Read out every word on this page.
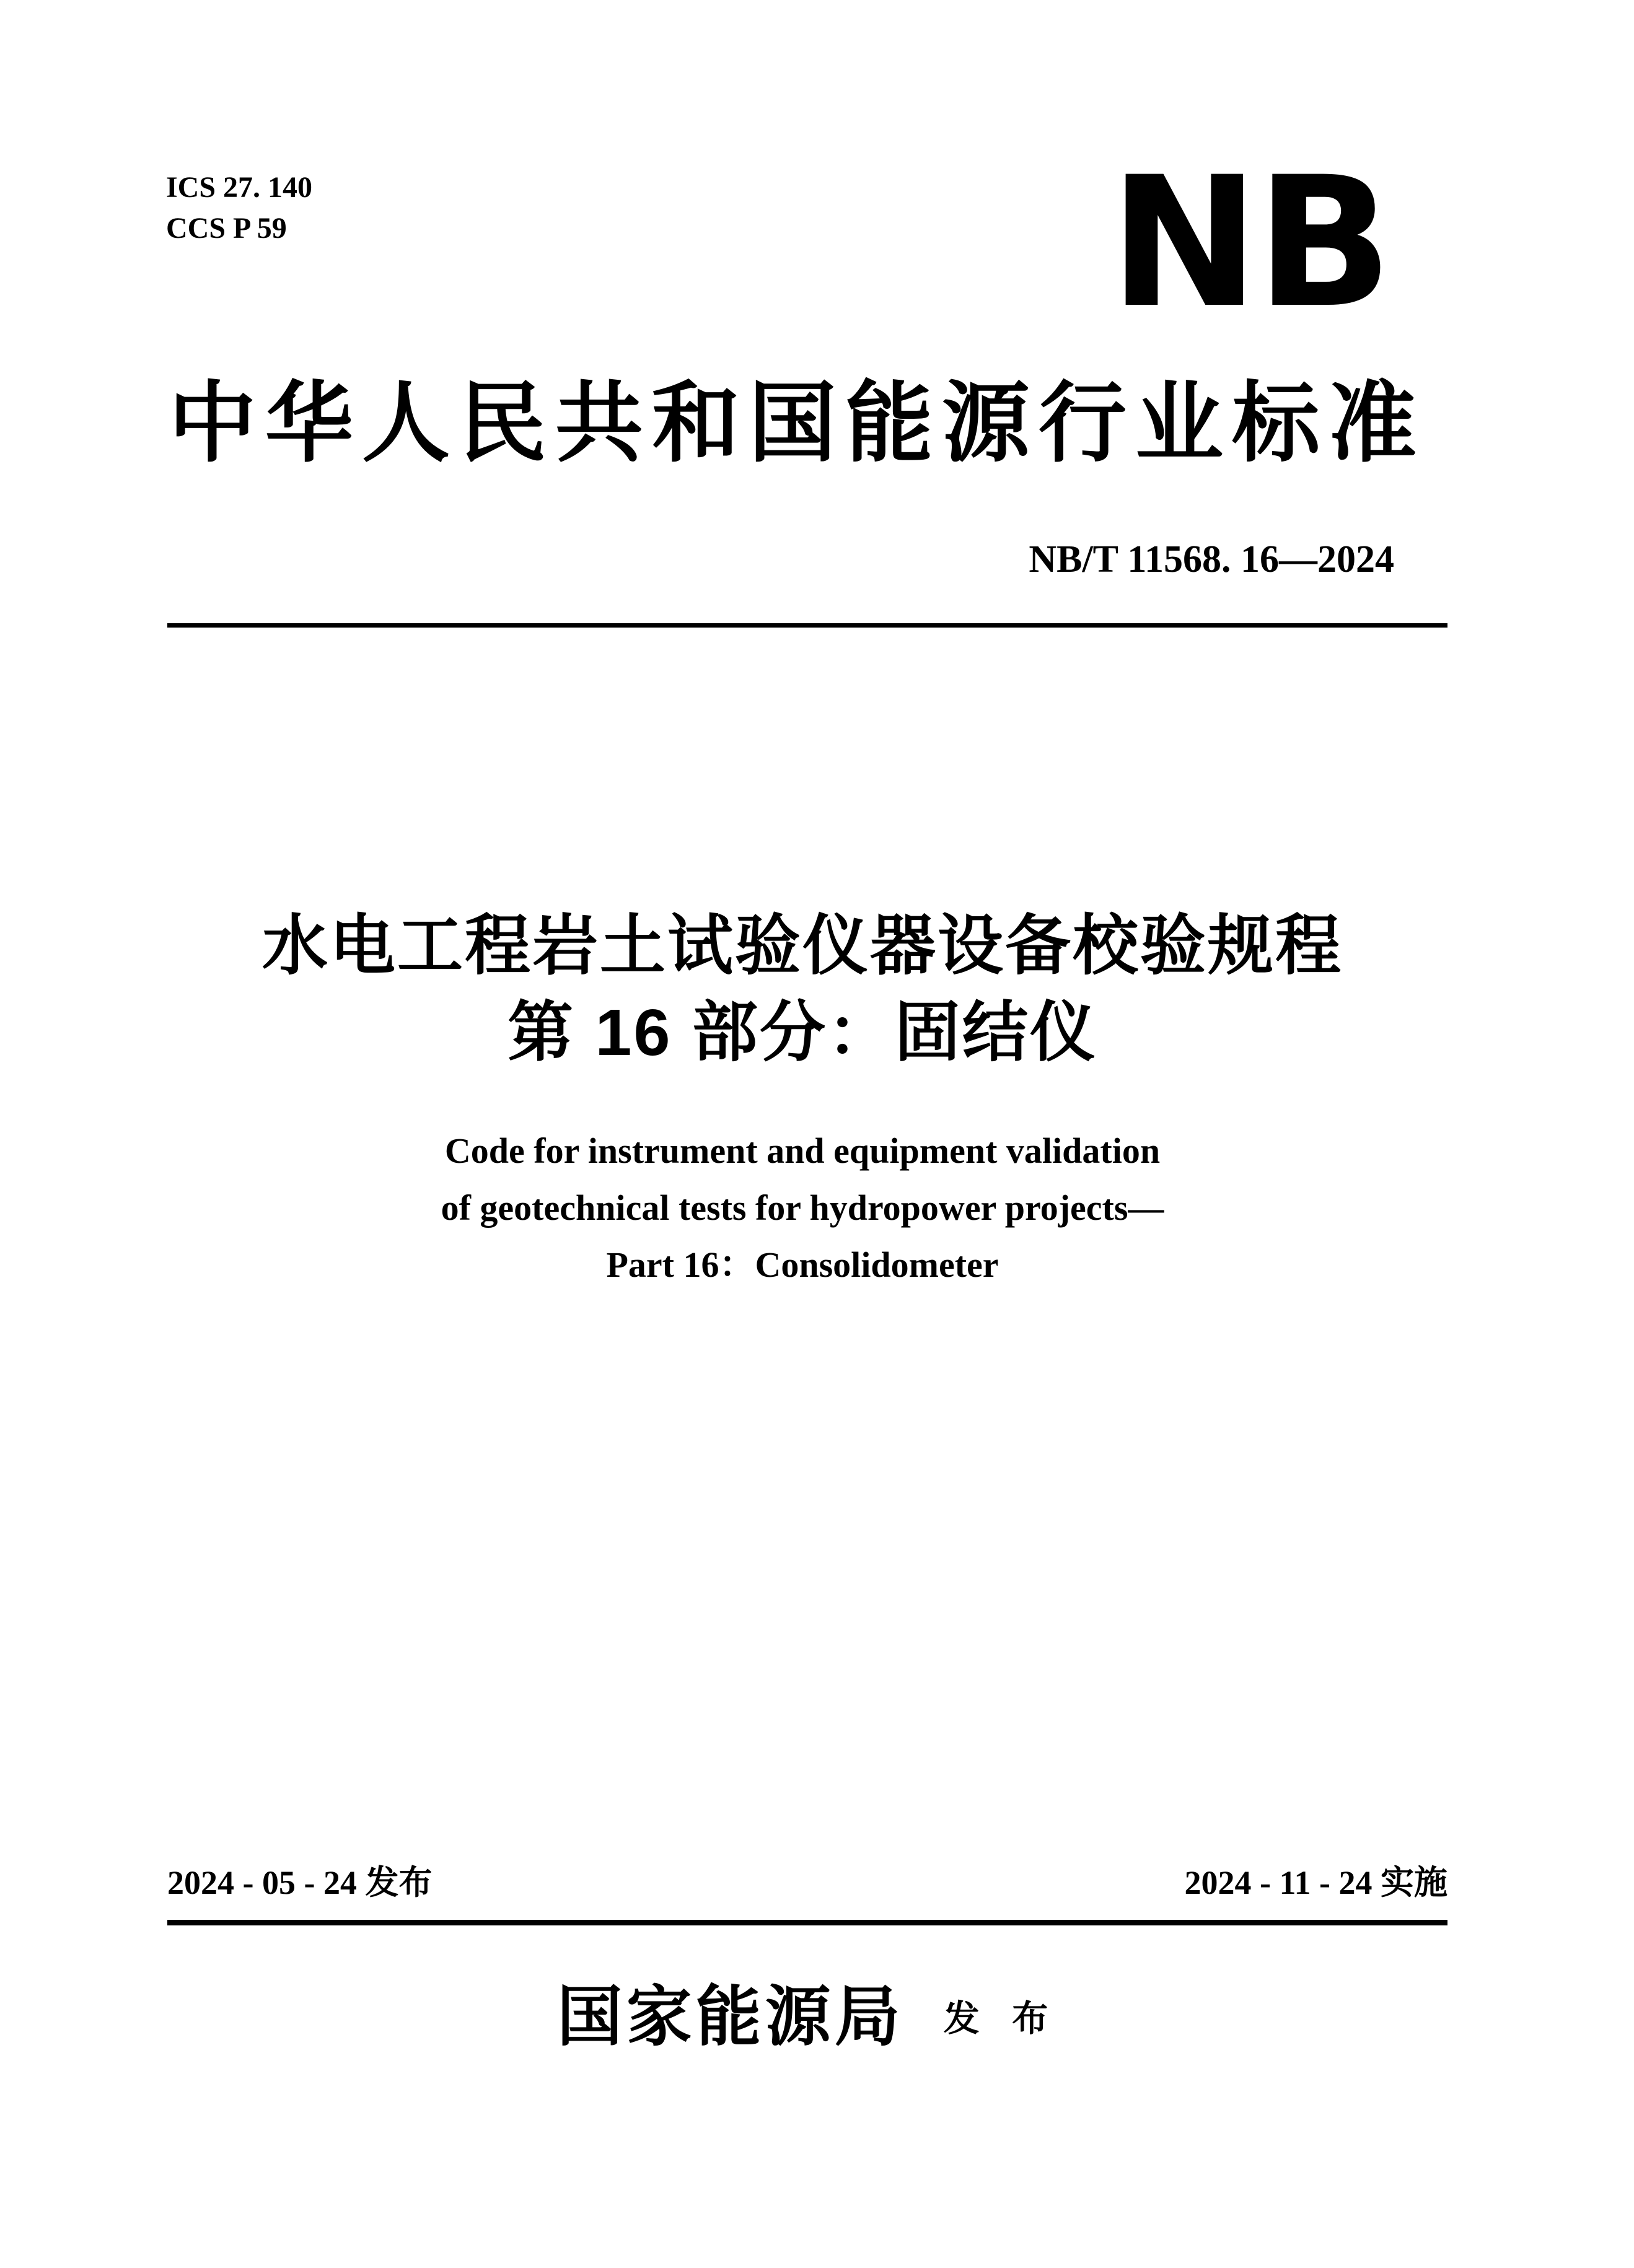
ICS 27. 140
CCS P 59	NB
中华人民共和国能源行业标准
NB/T 11568. 16—2024
水电工程岩土试验仪器设备校验规程
第 16 部分：固结仪
Code for instrument and equipment validation
of geotechnical tests for hydropower projects—
Part 16：Consolidometer
2024 - 05 - 24 发布	2024 - 11 - 24 实施
国家能源局 发 布
